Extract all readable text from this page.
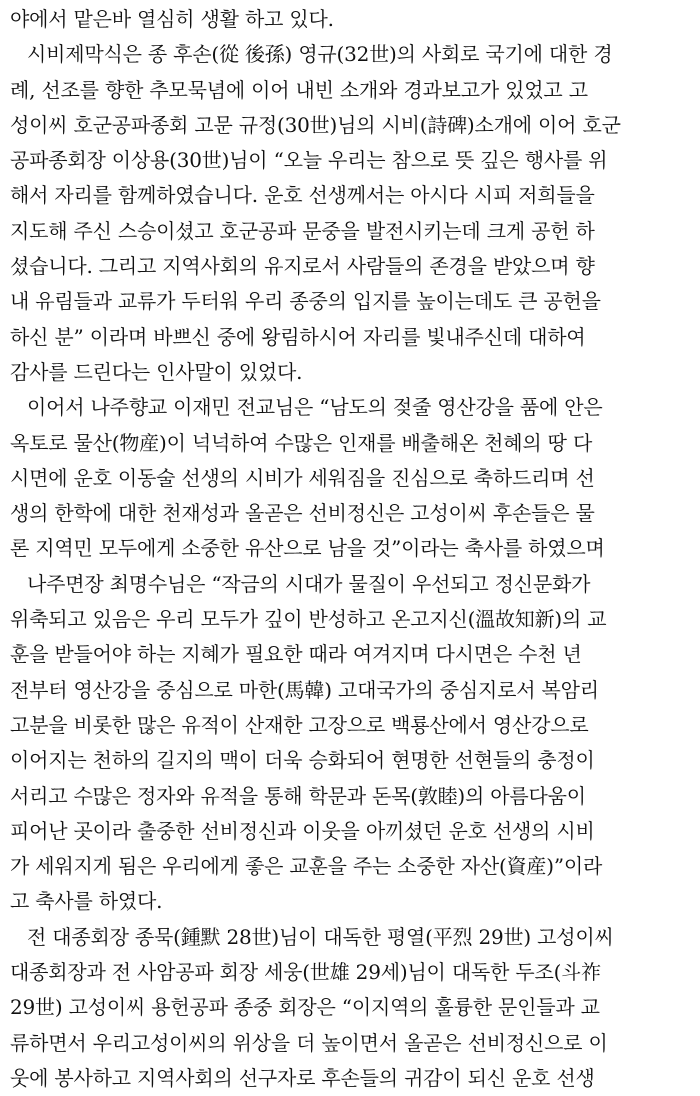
야에서 맡은바 열심히 생활 하고 있다.
시비제막식은 종 후손(從 後孫) 영규(32世)의 사회로 국기에 대한 경
례, 선조를 향한 추모묵념에 이어 내빈 소개와 경과보고가 있었고 고
성이씨 호군공파종회 고문 규정(30世)님의 시비(詩碑)소개에 이어 호군
공파종회장 이상용(30世)님이 “오늘 우리는 참으로 뜻 깊은 행사를 위
해서 자리를 함께하였습니다. 운호 선생께서는 아시다 시피 저희들을
지도해 주신 스승이셨고 호군공파 문중을 발전시키는데 크게 공헌 하
셨습니다. 그리고 지역사회의 유지로서 사람들의 존경을 받았으며 향
내 유림들과 교류가 두터워 우리 종중의 입지를 높이는데도 큰 공헌을
하신 분” 이라며 바쁘신 중에 왕림하시어 자리를 빛내주신데 대하여
감사를 드린다는 인사말이 있었다.
이어서 나주향교 이재민 전교님은 “남도의 젖줄 영산강을 품에 안은
옥토로 물산(物産)이 넉넉하여 수많은 인재를 배출해온 천혜의 땅 다
시면에 운호 이동술 선생의 시비가 세워짐을 진심으로 축하드리며 선
생의 한학에 대한 천재성과 올곧은 선비정신은 고성이씨 후손들은 물
론 지역민 모두에게 소중한 유산으로 남을 것”이라는 축사를 하였으며
나주면장 최명수님은 “작금의 시대가 물질이 우선되고 정신문화가
위축되고 있음은 우리 모두가 깊이 반성하고 온고지신(溫故知新)의 교
훈을 받들어야 하는 지혜가 필요한 때라 여겨지며 다시면은 수천 년
전부터 영산강을 중심으로 마한(馬韓) 고대국가의 중심지로서 복암리
고분을 비롯한 많은 유적이 산재한 고장으로 백룡산에서 영산강으로
이어지는 천하의 길지의 맥이 더욱 승화되어 현명한 선현들의 충정이
서리고 수많은 정자와 유적을 통해 학문과 돈목(敦睦)의 아름다움이
피어난 곳이라 출중한 선비정신과 이웃을 아끼셨던 운호 선생의 시비
가 세워지게 됨은 우리에게 좋은 교훈을 주는 소중한 자산(資産)”이라
고 축사를 하였다.
전 대종회장 종묵(鍾默 28世)님이 대독한 평열(平烈 29世) 고성이씨
대종회장과 전 사암공파 회장 세웅(世雄 29세)님이 대독한 두조(斗祚
29世) 고성이씨 용헌공파 종중 회장은 “이지역의 훌륭한 문인들과 교
류하면서 우리고성이씨의 위상을 더 높이면서 올곧은 선비정신으로 이
웃에 봉사하고 지역사회의 선구자로 후손들의 귀감이 되신 운호 선생
